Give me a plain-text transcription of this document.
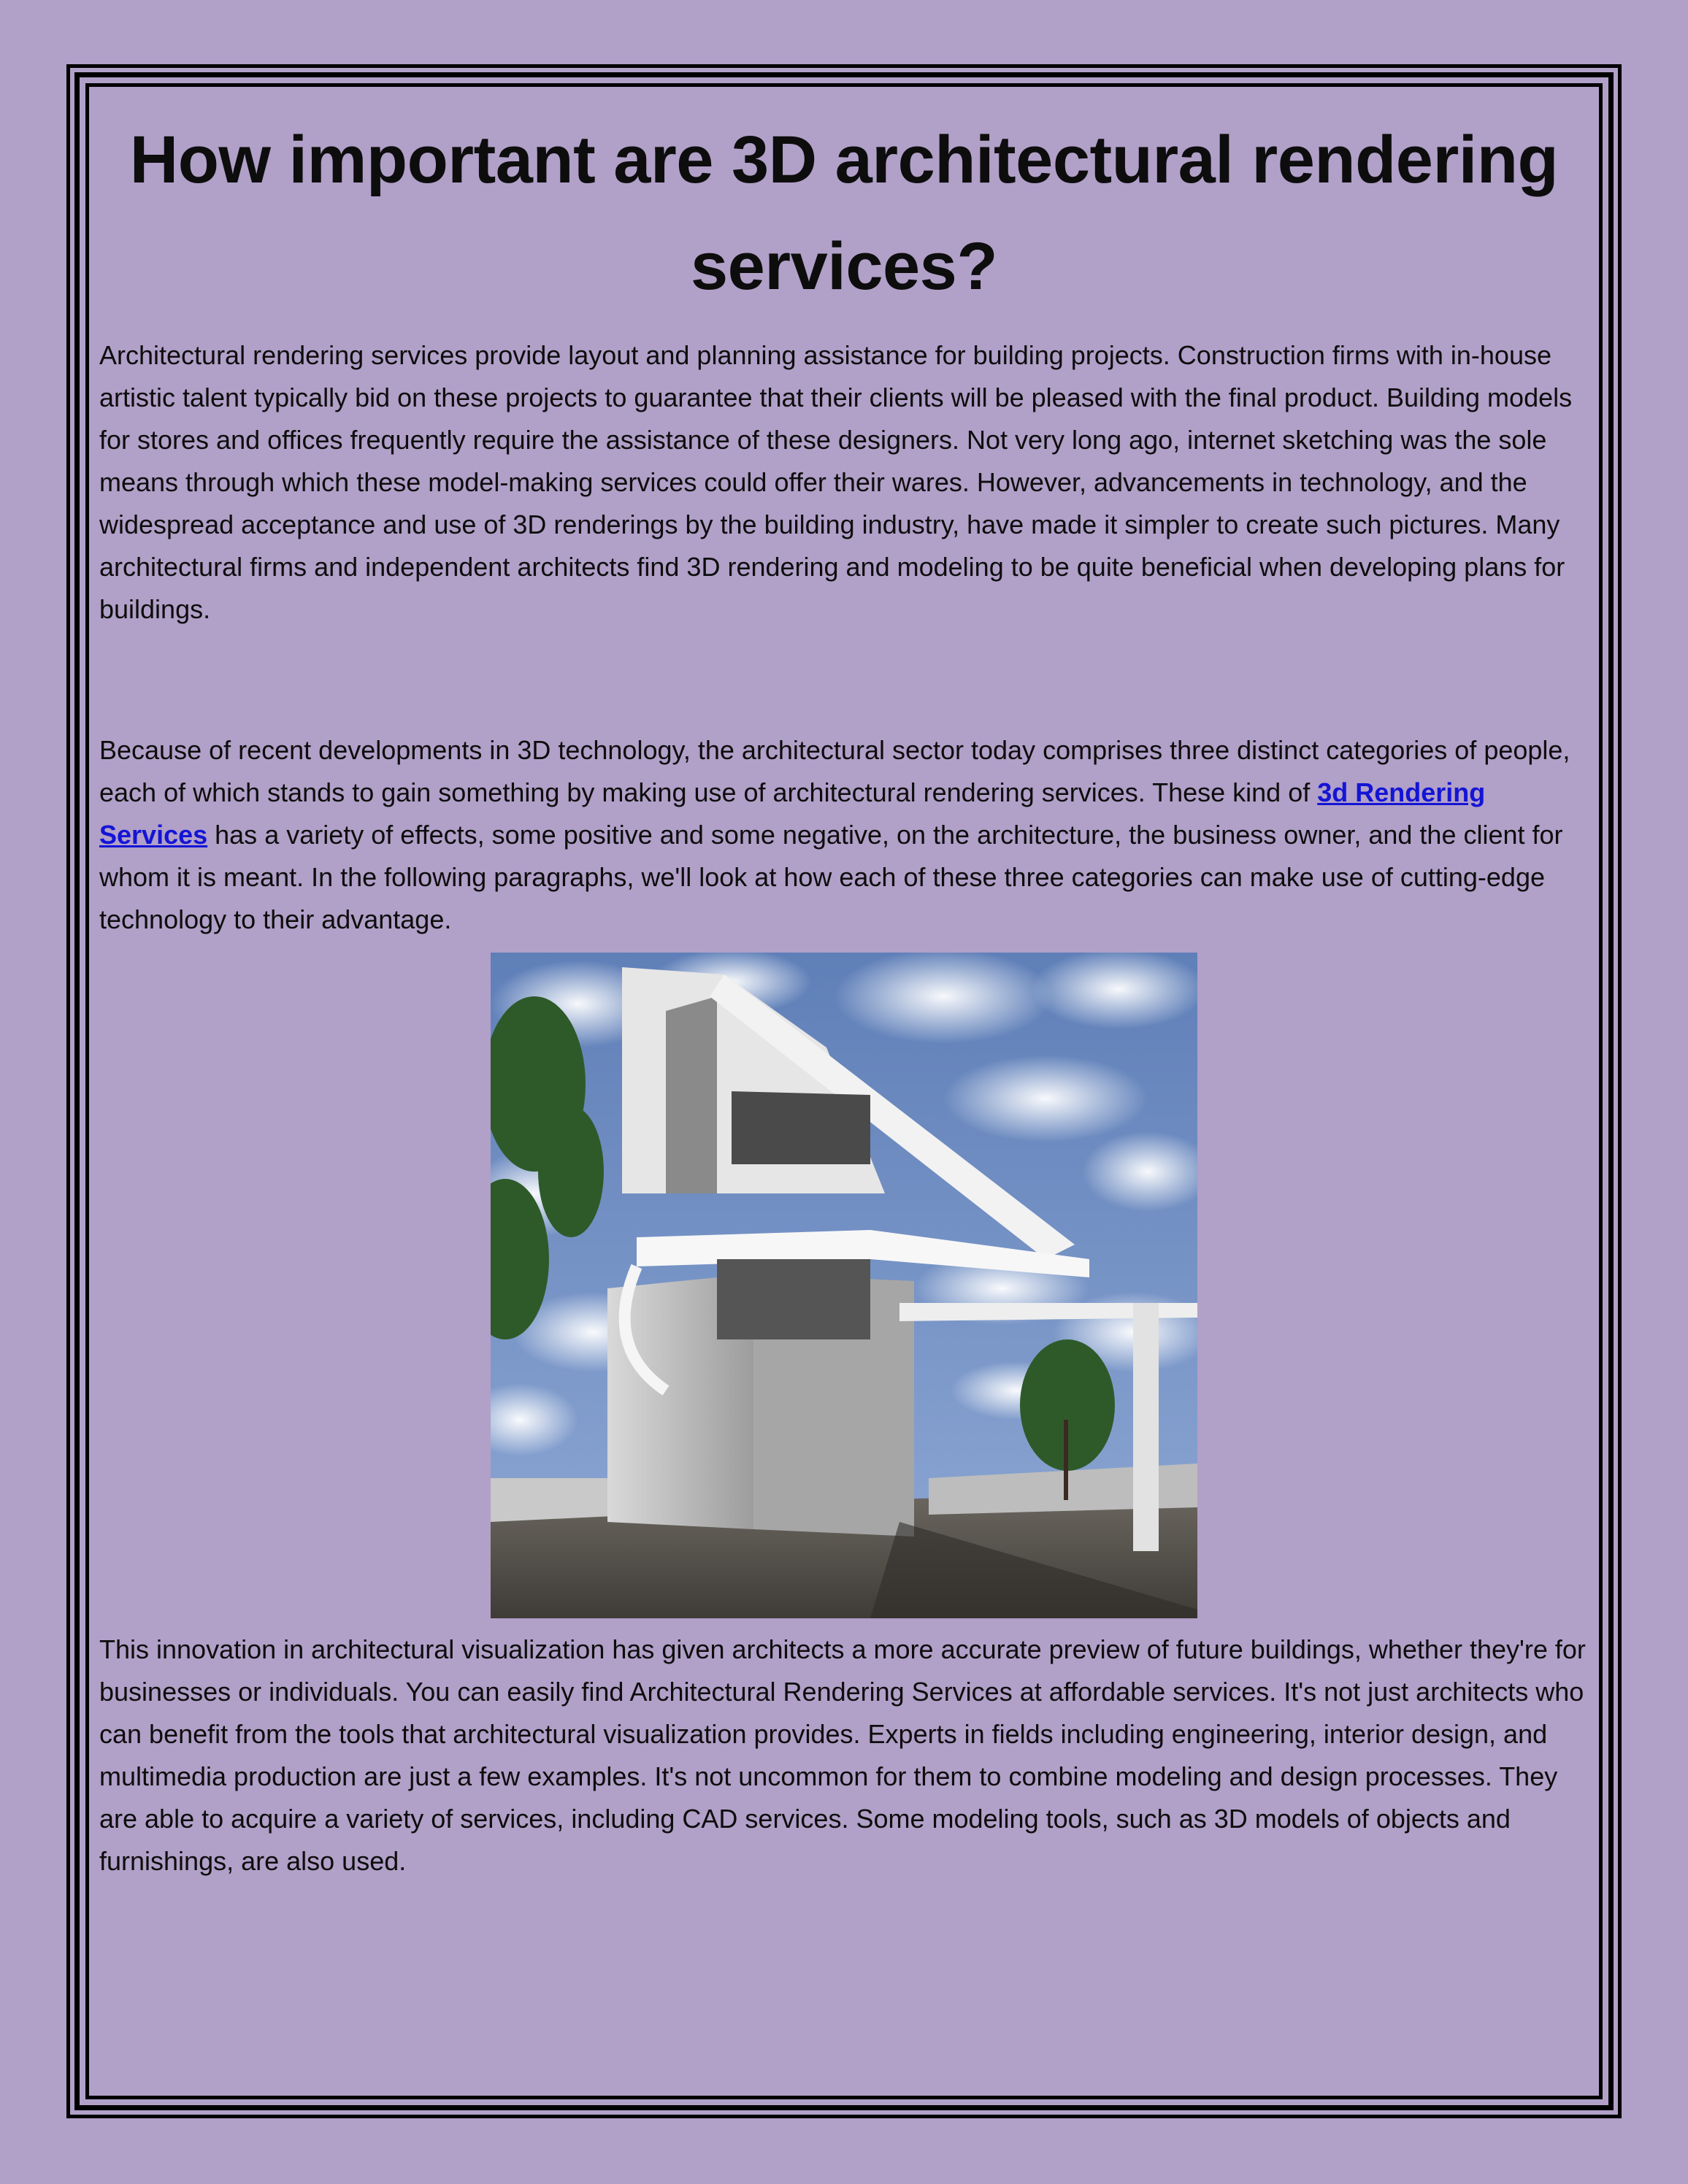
How important are 3D architectural rendering services?

Architectural rendering services provide layout and planning assistance for building projects. Construction firms with in-house artistic talent typically bid on these projects to guarantee that their clients will be pleased with the final product. Building models for stores and offices frequently require the assistance of these designers. Not very long ago, internet sketching was the sole means through which these model-making services could offer their wares. However, advancements in technology, and the widespread acceptance and use of 3D renderings by the building industry, have made it simpler to create such pictures. Many architectural firms and independent architects find 3D rendering and modeling to be quite beneficial when developing plans for buildings.

Because of recent developments in 3D technology, the architectural sector today comprises three distinct categories of people, each of which stands to gain something by making use of architectural rendering services. These kind of 3d Rendering Services has a variety of effects, some positive and some negative, on the architecture, the business owner, and the client for whom it is meant. In the following paragraphs, we'll look at how each of these three categories can make use of cutting-edge technology to their advantage.

This innovation in architectural visualization has given architects a more accurate preview of future buildings, whether they're for businesses or individuals. You can easily find Architectural Rendering Services at affordable services. It's not just architects who can benefit from the tools that architectural visualization provides. Experts in fields including engineering, interior design, and multimedia production are just a few examples. It's not uncommon for them to combine modeling and design processes. They are able to acquire a variety of services, including CAD services. Some modeling tools, such as 3D models of objects and furnishings, are also used.
